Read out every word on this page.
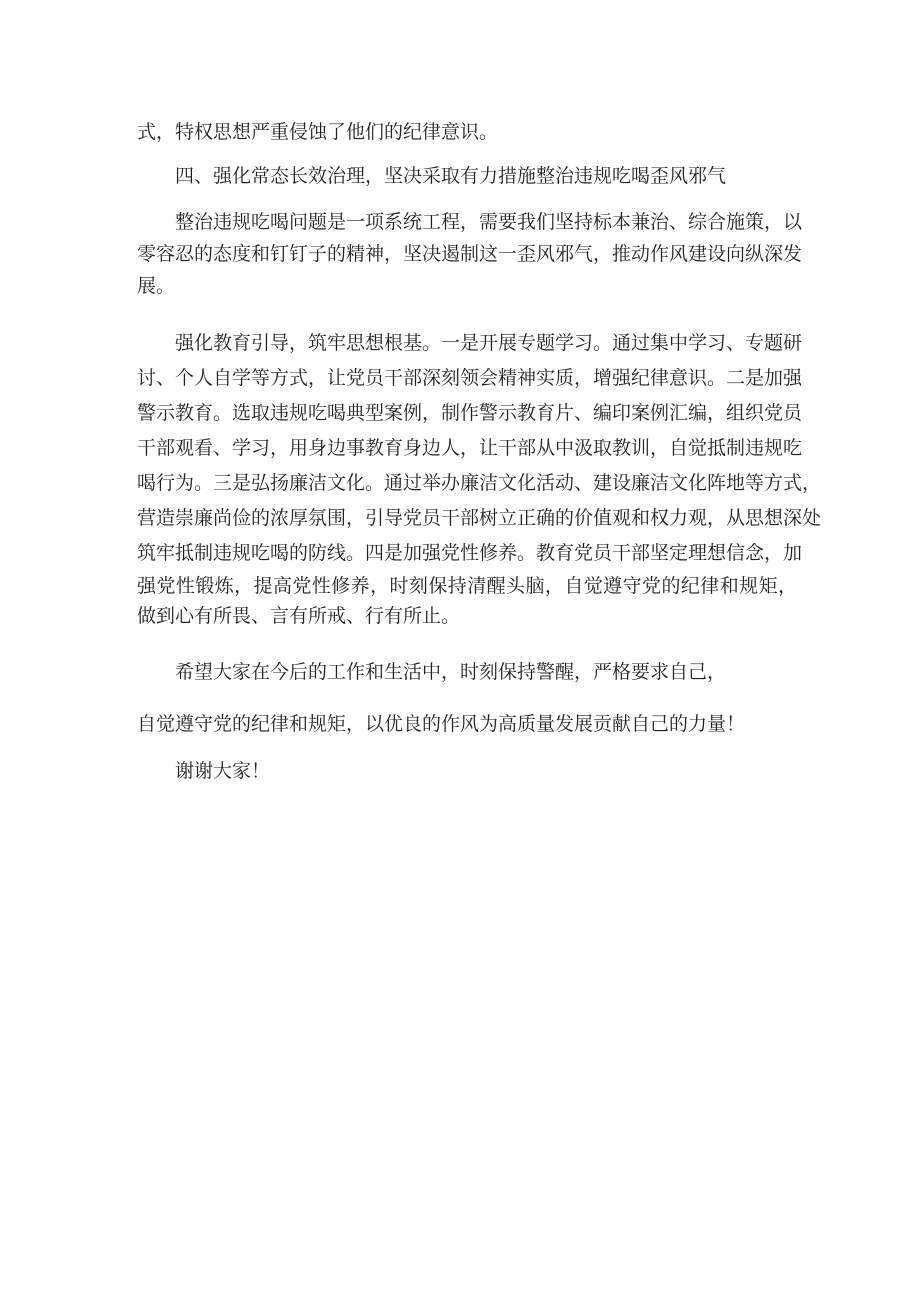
式，特权思想严重侵蚀了他们的纪律意识。
四、强化常态长效治理，坚决采取有力措施整治违规吃喝歪风邪气
整治违规吃喝问题是一项系统工程，需要我们坚持标本兼治、综合施策，以
零容忍的态度和钉钉子的精神，坚决遏制这一歪风邪气，推动作风建设向纵深发
展。
强化教育引导，筑牢思想根基。一是开展专题学习。通过集中学习、专题研
讨、个人自学等方式，让党员干部深刻领会精神实质，增强纪律意识。二是加强
警示教育。选取违规吃喝典型案例，制作警示教育片、编印案例汇编，组织党员
干部观看、学习，用身边事教育身边人，让干部从中汲取教训，自觉抵制违规吃
喝行为。三是弘扬廉洁文化。通过举办廉洁文化活动、建设廉洁文化阵地等方式，
营造崇廉尚俭的浓厚氛围，引导党员干部树立正确的价值观和权力观，从思想深处
筑牢抵制违规吃喝的防线。四是加强党性修养。教育党员干部坚定理想信念，加
强党性锻炼，提高党性修养，时刻保持清醒头脑，自觉遵守党的纪律和规矩，
做到心有所畏、言有所戒、行有所止。
希望大家在今后的工作和生活中，时刻保持警醒，严格要求自己，
自觉遵守党的纪律和规矩，以优良的作风为高质量发展贡献自己的力量！
谢谢大家！
